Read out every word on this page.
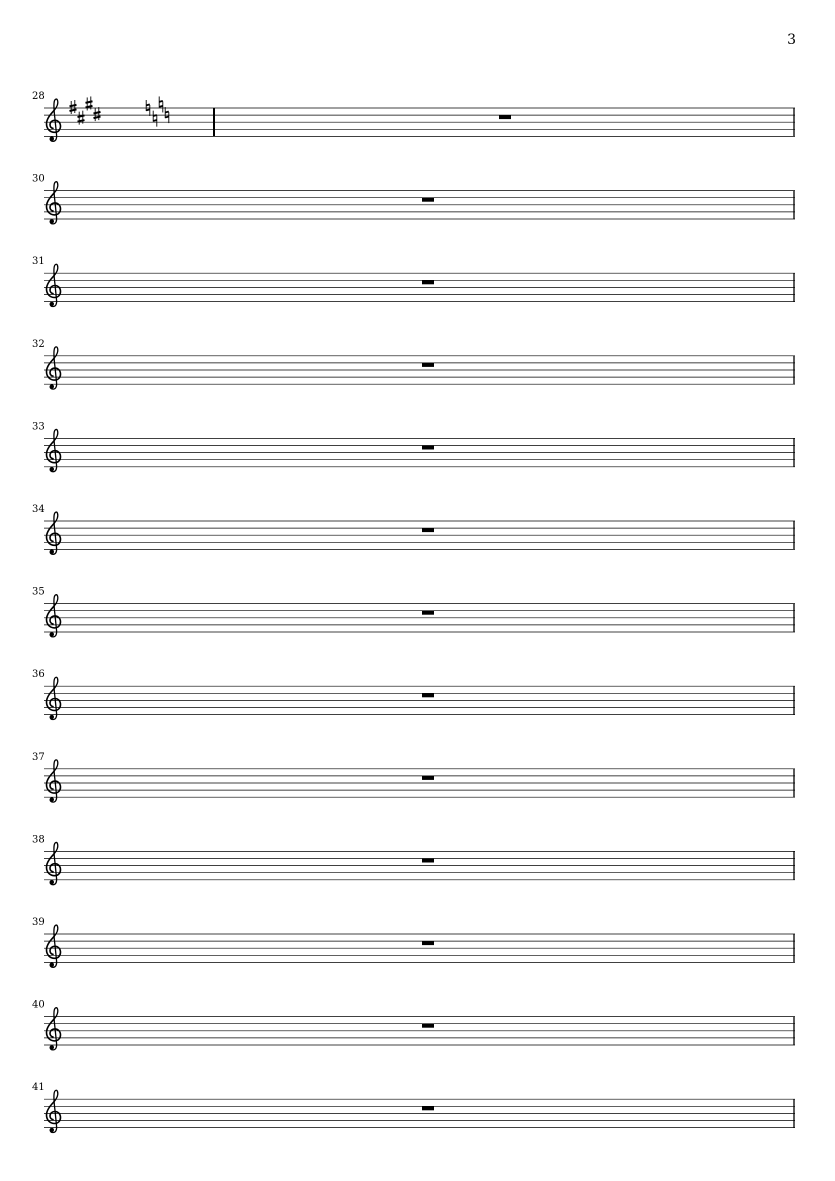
3
28
30
31
32
33
34
35
36
37
38
39
40
41
